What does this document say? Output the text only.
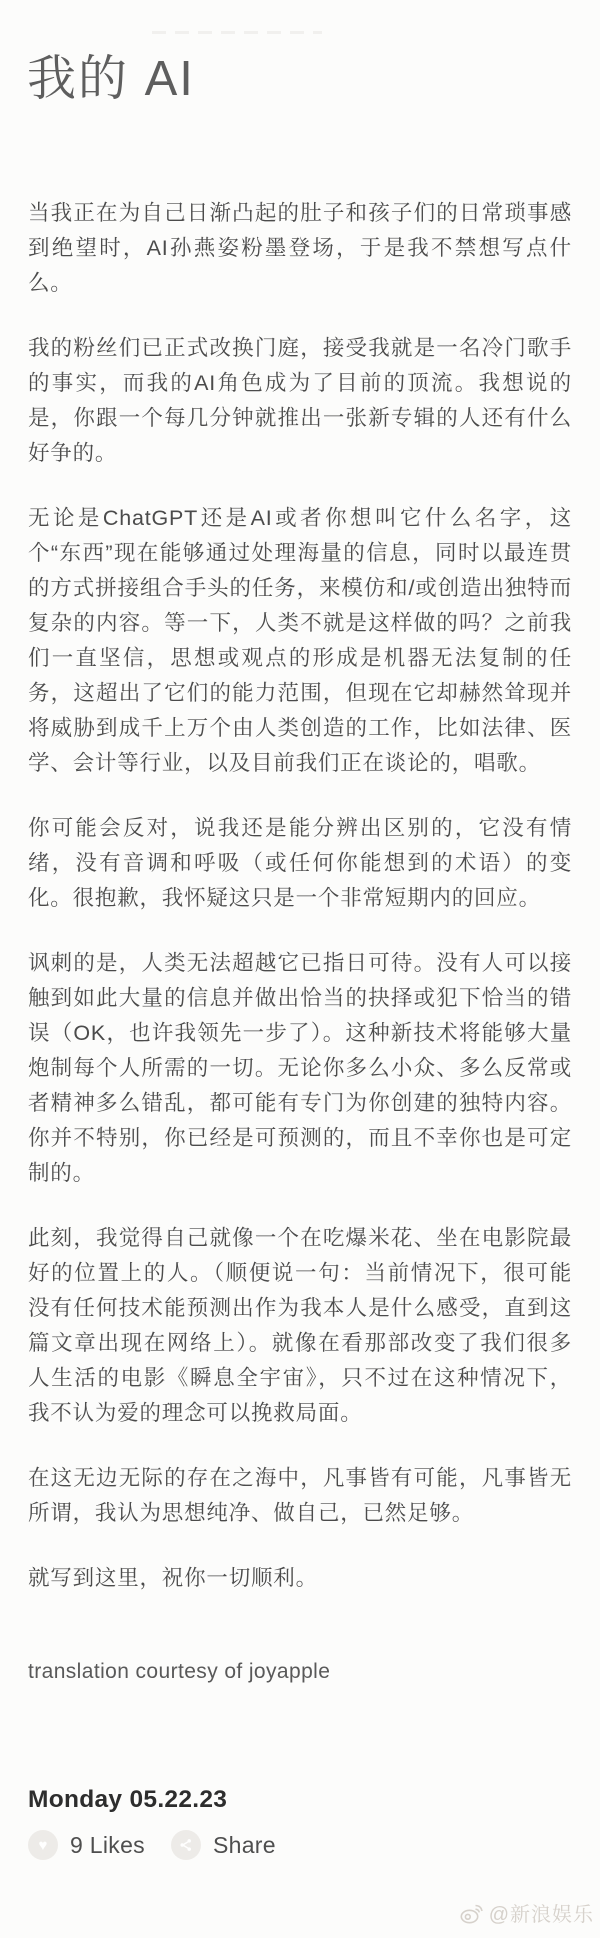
我的 AI

当我正在为自己日渐凸起的肚子和孩子们的日常琐事感到绝望时，AI孙燕姿粉墨登场，于是我不禁想写点什么。

我的粉丝们已正式改换门庭，接受我就是一名冷门歌手的事实，而我的AI角色成为了目前的顶流。我想说的是，你跟一个每几分钟就推出一张新专辑的人还有什么好争的。

无论是ChatGPT还是AI或者你想叫它什么名字，这个“东西”现在能够通过处理海量的信息，同时以最连贯的方式拼接组合手头的任务，来模仿和/或创造出独特而复杂的内容。等一下，人类不就是这样做的吗？之前我们一直坚信，思想或观点的形成是机器无法复制的任务，这超出了它们的能力范围，但现在它却赫然耸现并将威胁到成千上万个由人类创造的工作，比如法律、医学、会计等行业，以及目前我们正在谈论的，唱歌。

你可能会反对，说我还是能分辨出区别的，它没有情绪，没有音调和呼吸（或任何你能想到的术语）的变化。很抱歉，我怀疑这只是一个非常短期内的回应。

讽刺的是，人类无法超越它已指日可待。没有人可以接触到如此大量的信息并做出恰当的抉择或犯下恰当的错误（OK，也许我领先一步了）。这种新技术将能够大量炮制每个人所需的一切。无论你多么小众、多么反常或者精神多么错乱，都可能有专门为你创建的独特内容。你并不特别，你已经是可预测的，而且不幸你也是可定制的。

此刻，我觉得自己就像一个在吃爆米花、坐在电影院最好的位置上的人。（顺便说一句：当前情况下，很可能没有任何技术能预测出作为我本人是什么感受，直到这篇文章出现在网络上）。就像在看那部改变了我们很多人生活的电影《瞬息全宇宙》，只不过在这种情况下，我不认为爱的理念可以挽救局面。

在这无边无际的存在之海中，凡事皆有可能，凡事皆无所谓，我认为思想纯净、做自己，已然足够。

就写到这里，祝你一切顺利。

translation courtesy of joyapple
Monday 05.22.23
♥ 9 Likes	Share
@新浪娱乐
